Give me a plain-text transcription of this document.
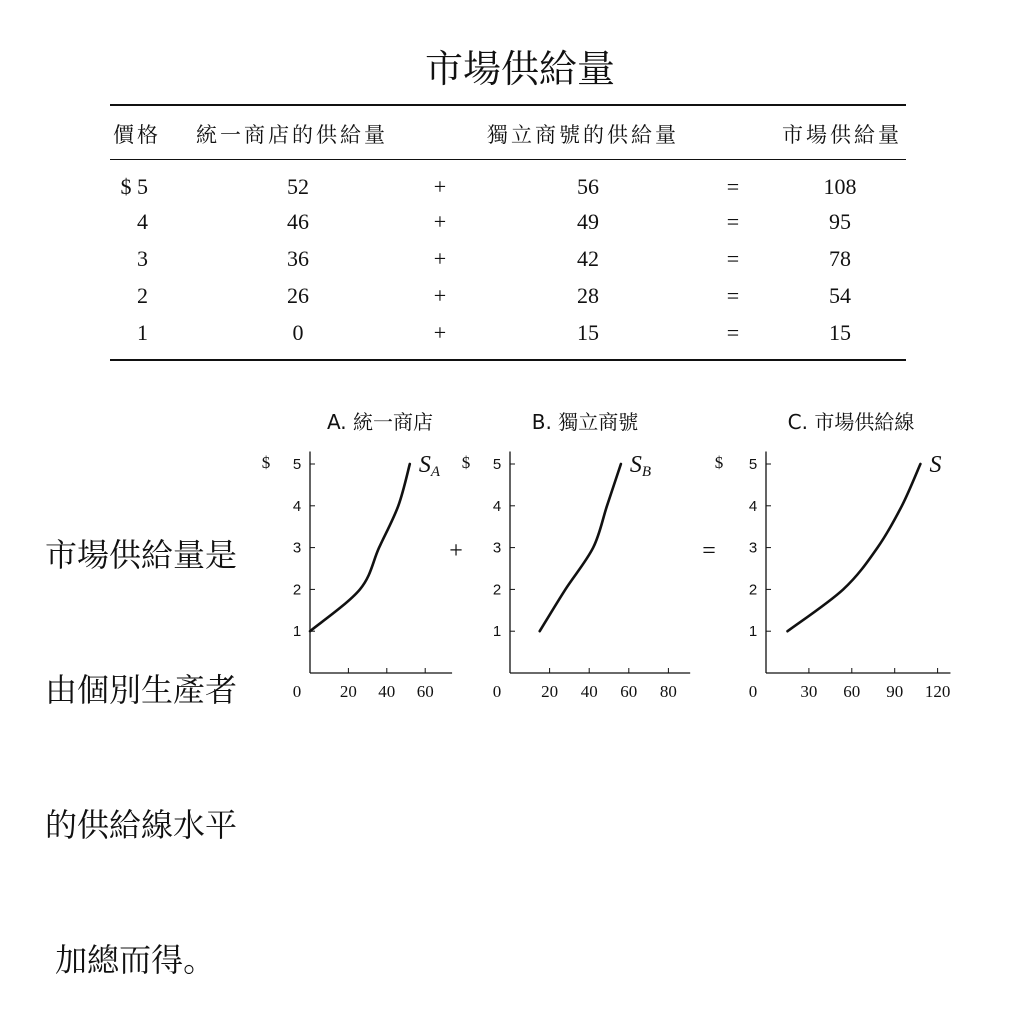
A. 統一商店
$
1
2
3
4
5
0 20 40 60
SA
B. 獨立商號
$
1
2
3
4
5
0 20 40 60 80
SB
C. 市場供給線
$
1
2
3
4
5
0	30 60 90 120
S
市場供給量
價格 統一商店的供給量	獨立商號的供給量	市場供給量
$ 5	52	+	56	=	108
4	46	+	49	=	95
3	36	+	42	=	78
2	26	+	28	=	54
1	0	+	15	=	15

市場供給量是

由個別生產者

的供給線水平

加總而得。

+	=
